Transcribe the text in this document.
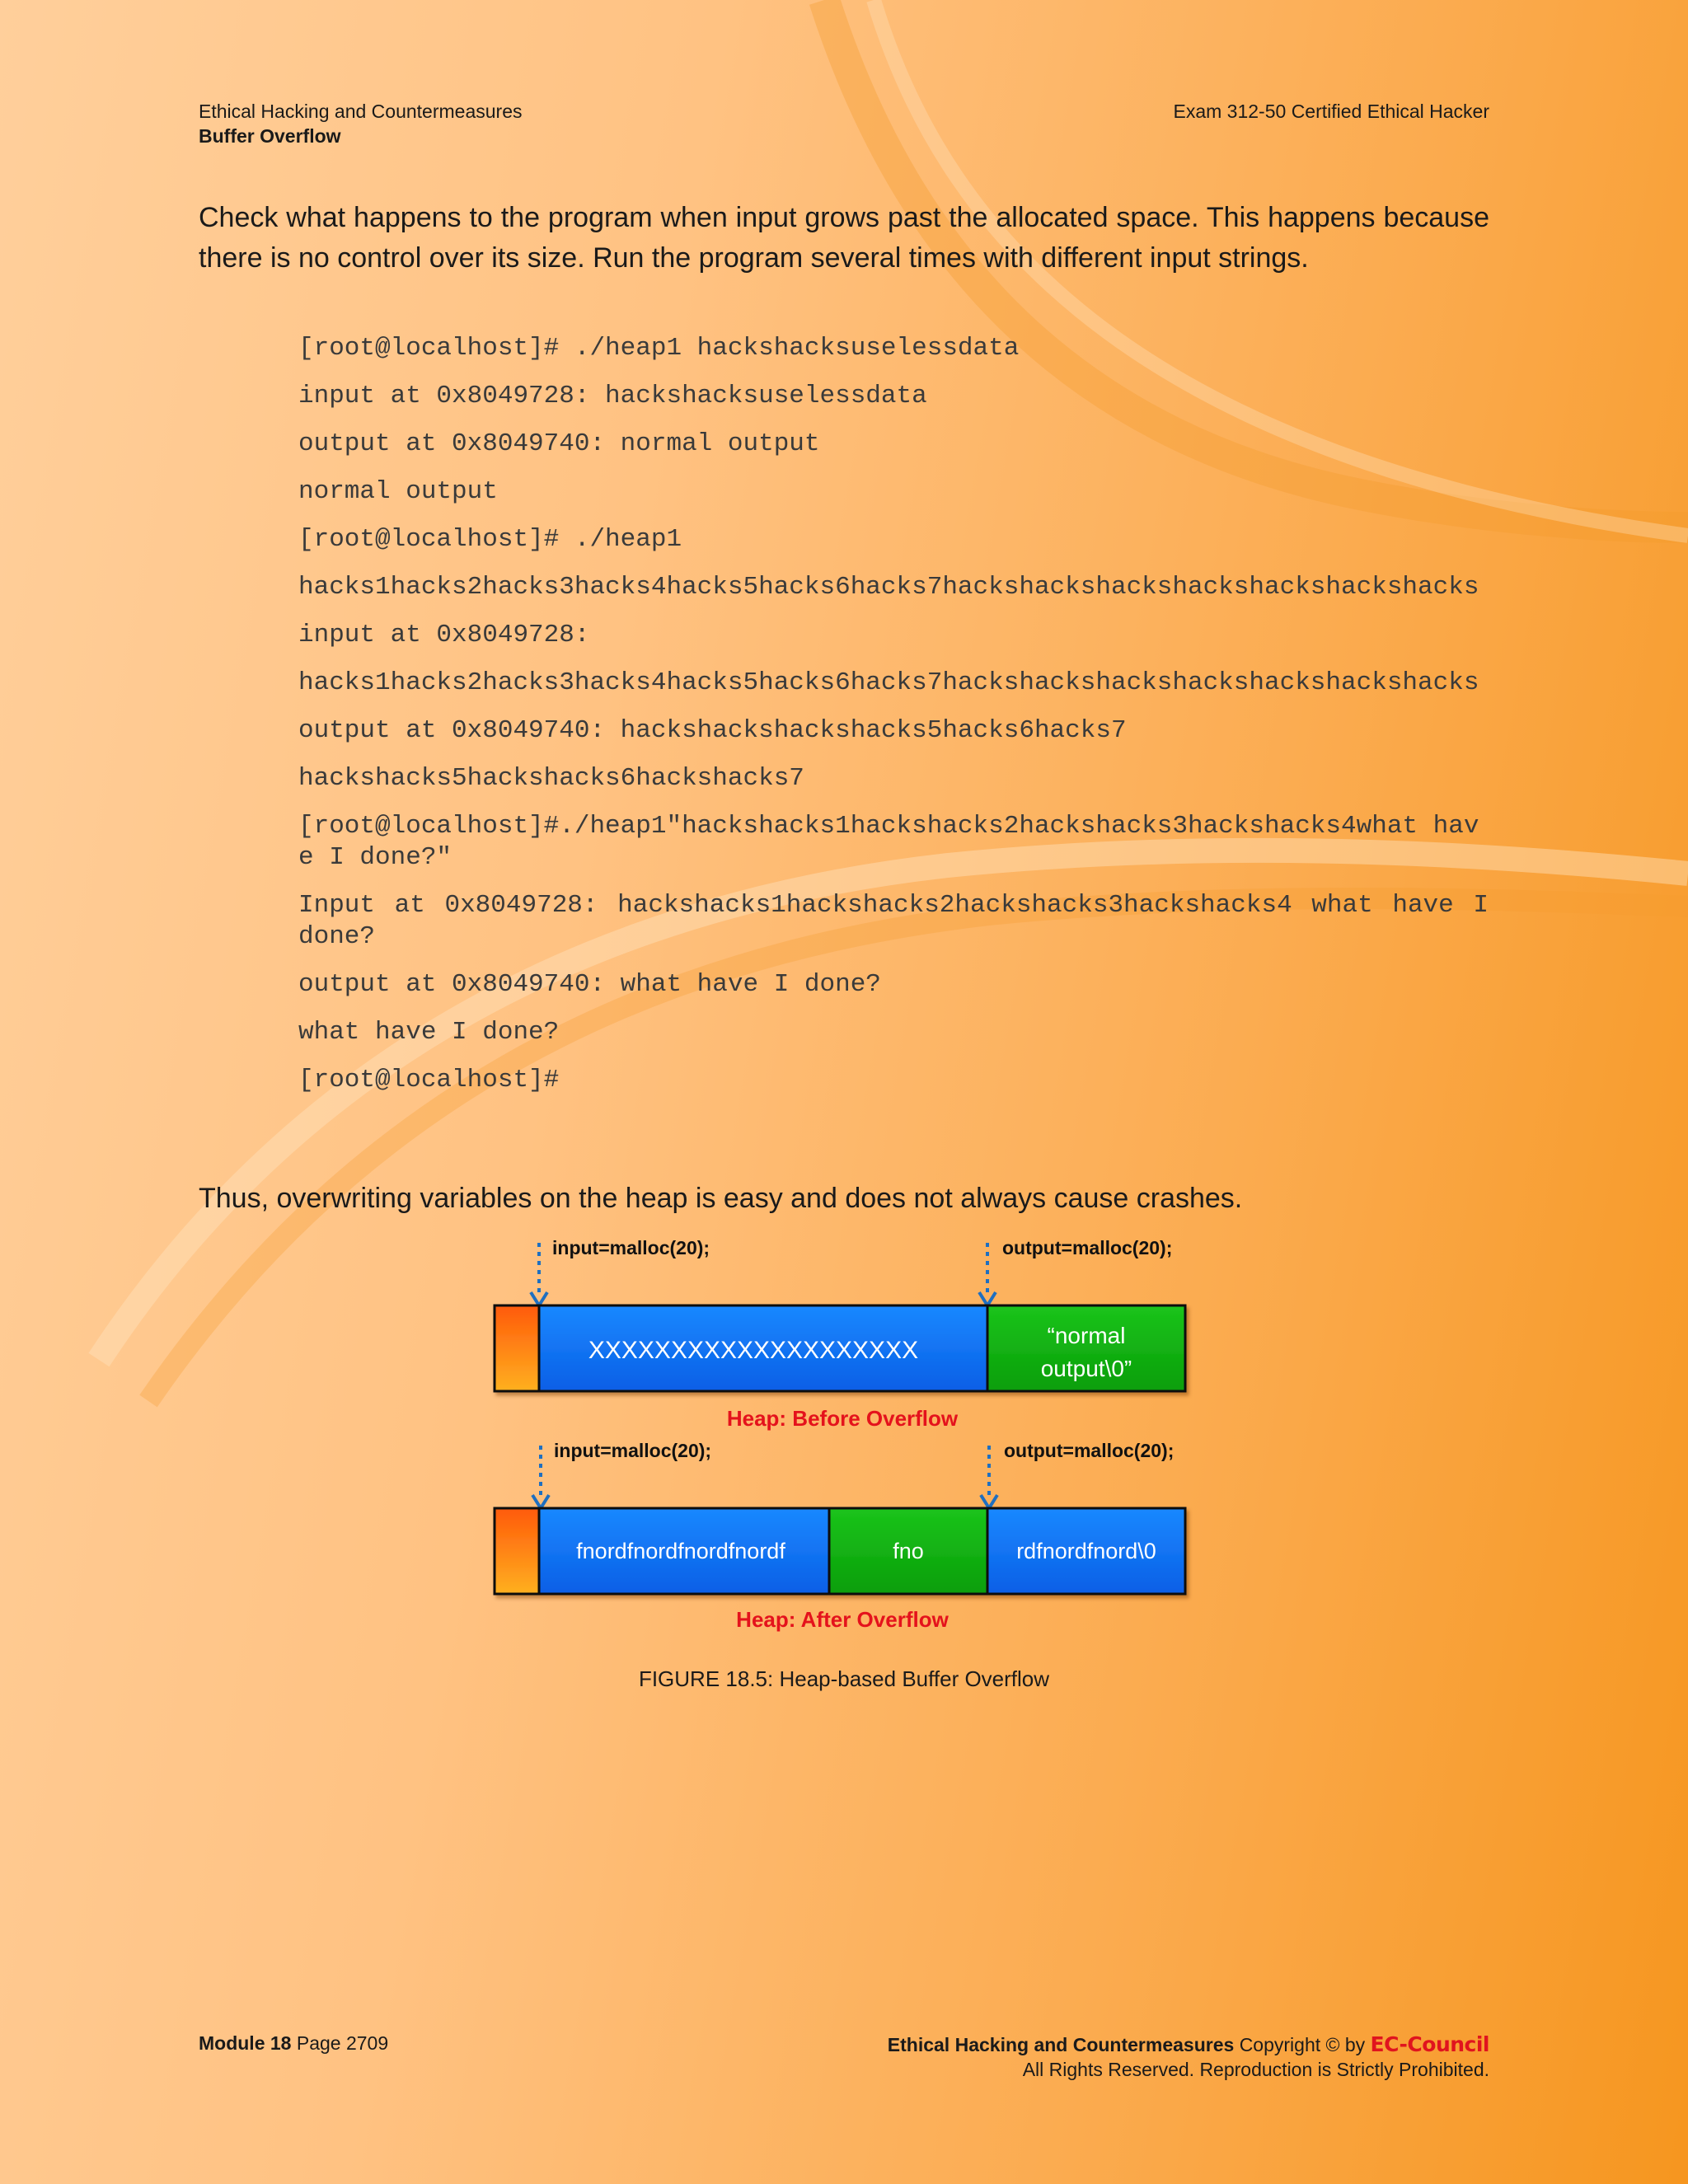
Ethical Hacking and Countermeasures
Buffer Overflow
Exam 312-50 Certified Ethical Hacker
Check what happens to the program when input grows past the allocated space. This happens because there is no control over its size. Run the program several times with different input strings.
[root@localhost]# ./heap1 hackshacksuselessdata
input at 0x8049728: hackshacksuselessdata
output at 0x8049740: normal output
normal output
[root@localhost]# ./heap1
hacks1hacks2hacks3hacks4hacks5hacks6hacks7hackshackshackshackshackshackshacks
input at 0x8049728:
hacks1hacks2hacks3hacks4hacks5hacks6hacks7hackshackshackshackshackshackshacks
output at 0x8049740: hackshackshackshacks5hacks6hacks7
hackshacks5hackshacks6hackshacks7
[root@localhost]#./heap1"hackshacks1hackshacks2hackshacks3hackshacks4what have I done?"
Input at 0x8049728: hackshacks1hackshacks2hackshacks3hackshacks4 what have I done?
output at 0x8049740: what have I done?
what have I done?
[root@localhost]#
Thus, overwriting variables on the heap is easy and does not always cause crashes.
input=malloc(20);	output=malloc(20);
XXXXXXXXXXXXXXXXXXXX
“normal
output\0”
Heap: Before Overflow
input=malloc(20);	output=malloc(20);
fnordfnordfnordfnordf	fno	rdfnordfnord\0
Heap: After Overflow
FIGURE 18.5: Heap-based Buffer Overflow
Module 18 Page 2709	Ethical Hacking and Countermeasures Copyright © by EC-Council
All Rights Reserved. Reproduction is Strictly Prohibited.
